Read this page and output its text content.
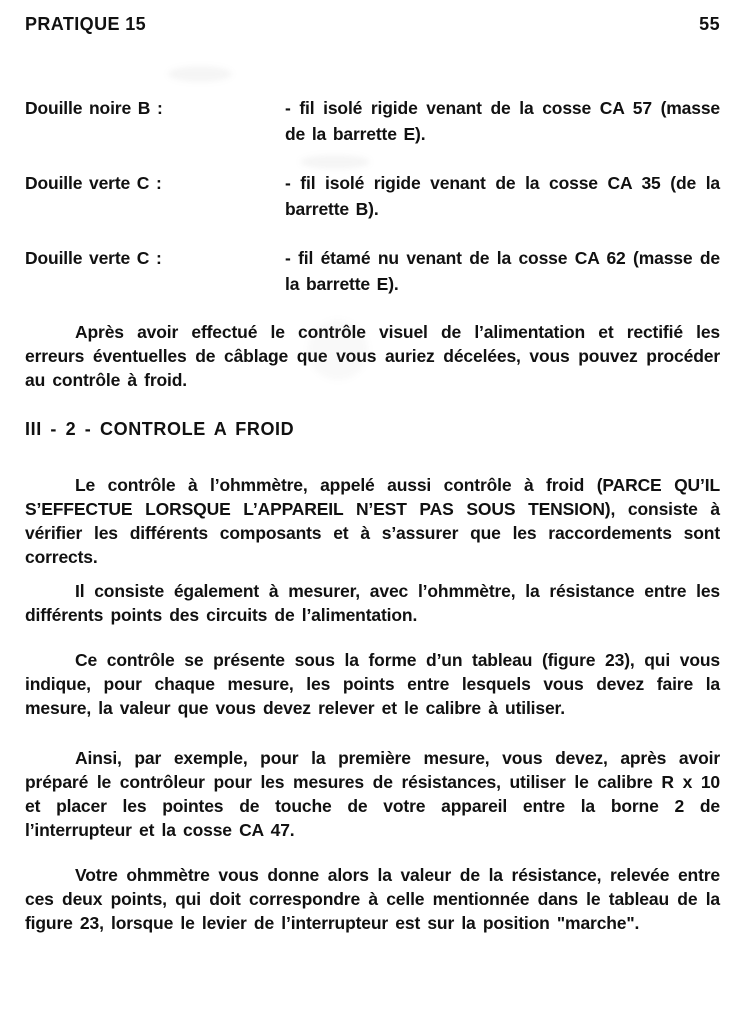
PRATIQUE 15	55
Douille noire B :	- fil isolé rigide venant de la cosse CA 57 (masse de la barrette E).
Douille verte C :	- fil isolé rigide venant de la cosse CA 35 (de la barrette B).
Douille verte C :	- fil étamé nu venant de la cosse CA 62 (masse de la barrette E).

Après avoir effectué le contrôle visuel de l’alimentation et rectifié les erreurs éventuelles de câblage que vous auriez décelées, vous pouvez procéder au contrôle à froid.

III - 2 - CONTROLE A FROID

Le contrôle à l’ohmmètre, appelé aussi contrôle à froid (PARCE QU’IL S’EFFECTUE LORSQUE L’APPAREIL N’EST PAS SOUS TENSION), consiste à vérifier les différents composants et à s’assurer que les raccordements sont corrects.

Il consiste également à mesurer, avec l’ohmmètre, la résistance entre les différents points des circuits de l’alimentation.

Ce contrôle se présente sous la forme d’un tableau (figure 23), qui vous indique, pour chaque mesure, les points entre lesquels vous devez faire la mesure, la valeur que vous devez relever et le calibre à utiliser.

Ainsi, par exemple, pour la première mesure, vous devez, après avoir préparé le contrôleur pour les mesures de résistances, utiliser le calibre R x 10 et placer les pointes de touche de votre appareil entre la borne 2 de l’interrupteur et la cosse CA 47.

Votre ohmmètre vous donne alors la valeur de la résistance, relevée entre ces deux points, qui doit correspondre à celle mentionnée dans le tableau de la figure 23, lorsque le levier de l’interrupteur est sur la position "marche".
